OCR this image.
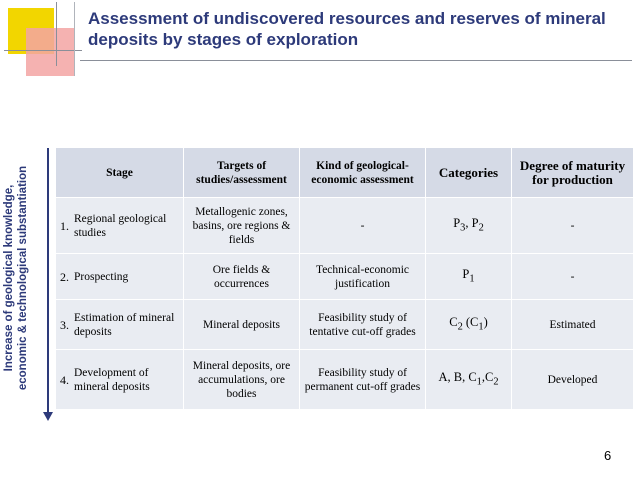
Assessment of undiscovered resources and reserves of mineral deposits by stages of exploration
Increase of geological knowledge, economic & technological substantiation	Stage	Targets of studies/assessment	Kind of geological-economic assessment	Categories	Degree of maturity for production

1. Regional geological studies	Metallogenic zones, basins, ore regions & fields	-	$P_3$, $P_2$	-

2. Prospecting	Ore fields & occurrences	Technical-economic justification	$P_1$	-

3. Estimation of mineral deposits	Mineral deposits	Feasibility study of tentative cut-off grades	$C_2$ $(C_1)$	Estimated

4. Development of mineral deposits	Mineral deposits, ore accumulations, ore bodies	Feasibility study of permanent cut-off grades	A, B, $C_1,C_2$	Developed
6
